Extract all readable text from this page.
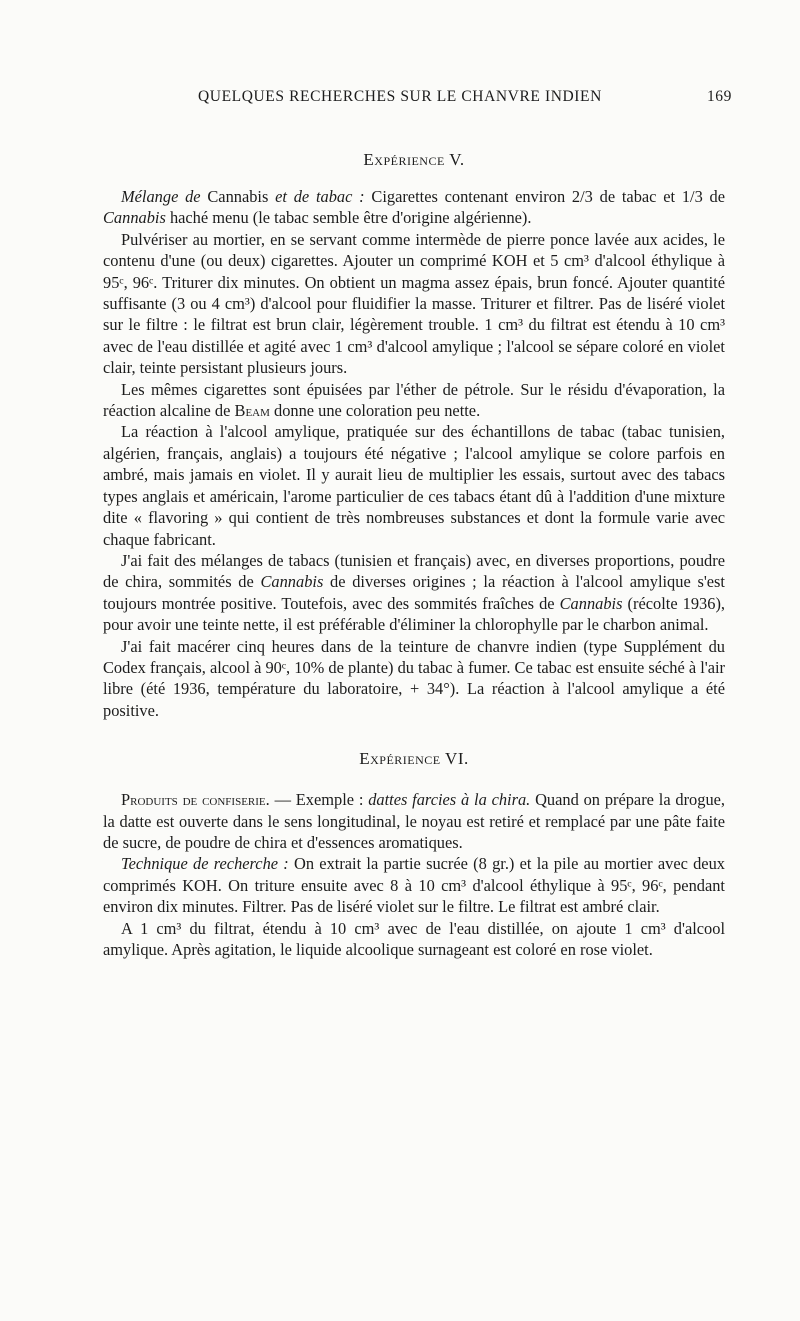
QUELQUES RECHERCHES SUR LE CHANVRE INDIEN	169
Expérience V.

Mélange de Cannabis et de tabac : Cigarettes contenant environ 2/3 de tabac et 1/3 de Cannabis haché menu (le tabac semble être d'origine algérienne).

Pulvériser au mortier, en se servant comme intermède de pierre ponce lavée aux acides, le contenu d'une (ou deux) cigarettes. Ajouter un comprimé KOH et 5 cm³ d'alcool éthylique à 95ᶜ, 96ᶜ. Triturer dix minutes. On obtient un magma assez épais, brun foncé. Ajouter quantité suffisante (3 ou 4 cm³) d'alcool pour fluidifier la masse. Triturer et filtrer. Pas de liséré violet sur le filtre : le filtrat est brun clair, légèrement trouble. 1 cm³ du filtrat est étendu à 10 cm³ avec de l'eau distillée et agité avec 1 cm³ d'alcool amylique ; l'alcool se sépare coloré en violet clair, teinte persistant plusieurs jours.

Les mêmes cigarettes sont épuisées par l'éther de pétrole. Sur le résidu d'évaporation, la réaction alcaline de Beam donne une coloration peu nette.

La réaction à l'alcool amylique, pratiquée sur des échantillons de tabac (tabac tunisien, algérien, français, anglais) a toujours été négative ; l'alcool amylique se colore parfois en ambré, mais jamais en violet. Il y aurait lieu de multiplier les essais, surtout avec des tabacs types anglais et américain, l'arome particulier de ces tabacs étant dû à l'addition d'une mixture dite « flavoring » qui contient de très nombreuses substances et dont la formule varie avec chaque fabricant.

J'ai fait des mélanges de tabacs (tunisien et français) avec, en diverses proportions, poudre de chira, sommités de Cannabis de diverses origines ; la réaction à l'alcool amylique s'est toujours montrée positive. Toutefois, avec des sommités fraîches de Cannabis (récolte 1936), pour avoir une teinte nette, il est préférable d'éliminer la chlorophylle par le charbon animal.

J'ai fait macérer cinq heures dans de la teinture de chanvre indien (type Supplément du Codex français, alcool à 90ᶜ, 10% de plante) du tabac à fumer. Ce tabac est ensuite séché à l'air libre (été 1936, température du laboratoire, + 34°). La réaction à l'alcool amylique a été positive.

Expérience VI.

Produits de confiserie. — Exemple : dattes farcies à la chira. Quand on prépare la drogue, la datte est ouverte dans le sens longitudinal, le noyau est retiré et remplacé par une pâte faite de sucre, de poudre de chira et d'essences aromatiques.

Technique de recherche : On extrait la partie sucrée (8 gr.) et la pile au mortier avec deux comprimés KOH. On triture ensuite avec 8 à 10 cm³ d'alcool éthylique à 95ᶜ, 96ᶜ, pendant environ dix minutes. Filtrer. Pas de liséré violet sur le filtre. Le filtrat est ambré clair.

A 1 cm³ du filtrat, étendu à 10 cm³ avec de l'eau distillée, on ajoute 1 cm³ d'alcool amylique. Après agitation, le liquide alcoolique surnageant est coloré en rose violet.
